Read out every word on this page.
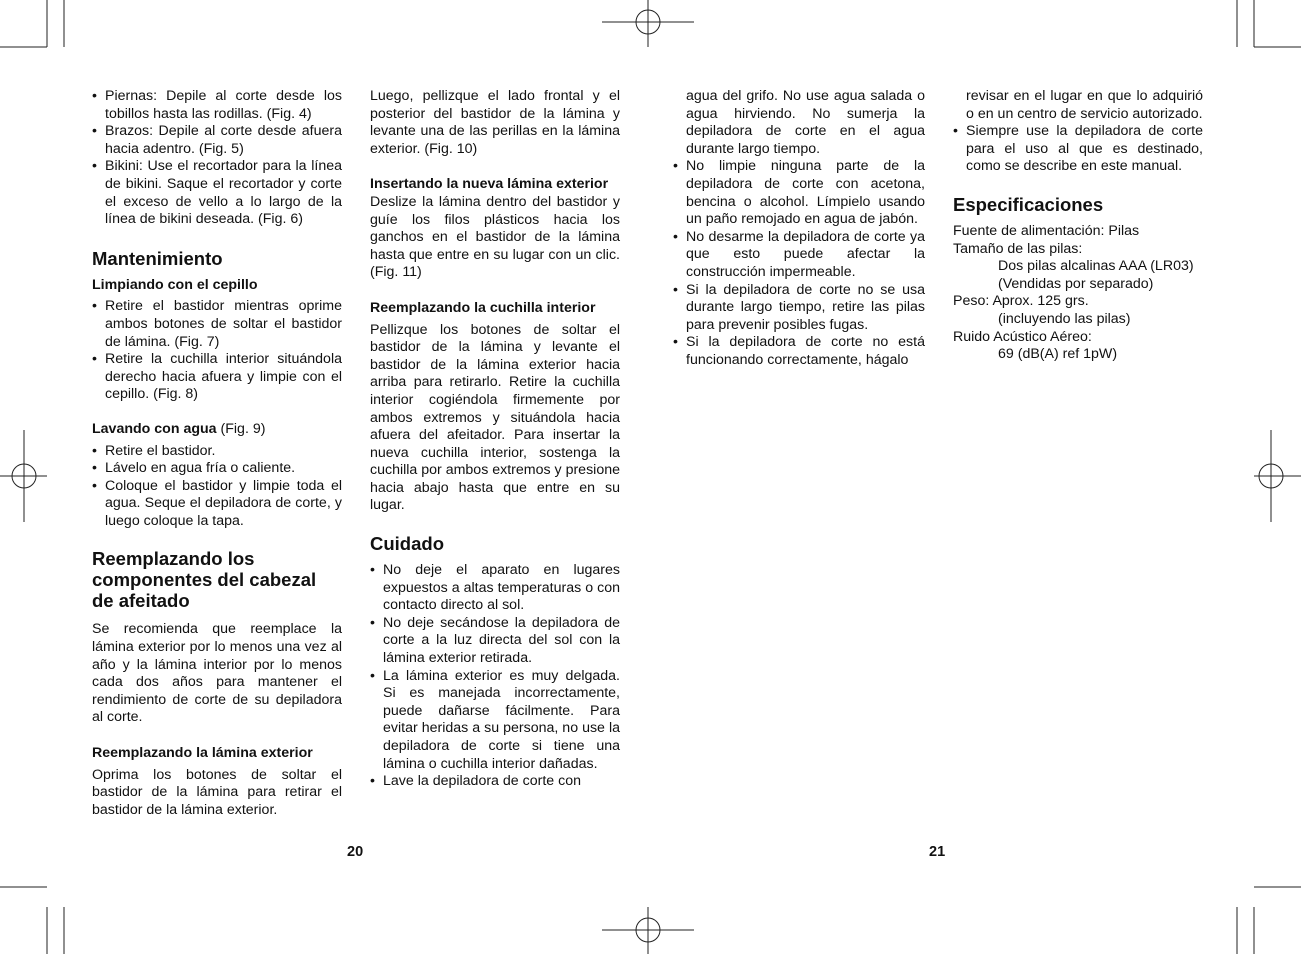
• Piernas: Depile al corte desde los tobillos hasta las rodillas. (Fig. 4)
• Brazos: Depile al corte desde afuera hacia adentro. (Fig. 5)
• Bikini: Use el recortador para la línea de bikini. Saque el recortador y corte el exceso de vello a lo largo de la línea de bikini deseada. (Fig. 6)
Mantenimiento
Limpiando con el cepillo
• Retire el bastidor mientras oprime ambos botones de soltar el bastidor de lámina. (Fig. 7)
• Retire la cuchilla interior situándola derecho hacia afuera y limpie con el cepillo. (Fig. 8)
Lavando con agua (Fig. 9)
• Retire el bastidor.
• Lávelo en agua fría o caliente.
• Coloque el bastidor y limpie toda el agua. Seque el depiladora de corte, y luego coloque la tapa.
Reemplazando los componentes del cabezal de afeitado

Se recomienda que reemplace la lámina exterior por lo menos una vez al año y la lámina interior por lo menos cada dos años para mantener el rendimiento de corte de su depiladora al corte.

Reemplazando la lámina exterior

Oprima los botones de soltar el bastidor de la lámina para retirar el bastidor de la lámina exterior.

Luego, pellizque el lado frontal y el posterior del bastidor de la lámina y levante una de las perillas en la lámina exterior. (Fig. 10)

Insertando la nueva lámina exterior

Deslize la lámina dentro del bastidor y guíe los filos plásticos hacia los ganchos en el bastidor de la lámina hasta que entre en su lugar con un clic. (Fig. 11)

Reemplazando la cuchilla interior

Pellizque los botones de soltar el bastidor de la lámina y levante el bastidor de la lámina exterior hacia arriba para retirarlo. Retire la cuchilla interior cogiéndola firmemente por ambos extremos y situándola hacia afuera del afeitador. Para insertar la nueva cuchilla interior, sostenga la cuchilla por ambos extremos y presione hacia abajo hasta que entre en su lugar.

Cuidado
• No deje el aparato en lugares expuestos a altas temperaturas o con contacto directo al sol.
• No deje secándose la depiladora de corte a la luz directa del sol con la lámina exterior retirada.
• La lámina exterior es muy delgada. Si es manejada incorrectamente, puede dañarse fácilmente. Para evitar heridas a su persona, no use la depiladora de corte si tiene una lámina o cuchilla interior dañadas.
• Lave la depiladora de corte con
agua del grifo. No use agua salada o agua hirviendo. No sumerja la depiladora de corte en el agua durante largo tiempo.
• No limpie ninguna parte de la depiladora de corte con acetona, bencina o alcohol. Límpielo usando un paño remojado en agua de jabón.
• No desarme la depiladora de corte ya que esto puede afectar la construcción impermeable.
• Si la depiladora de corte no se usa durante largo tiempo, retire las pilas para prevenir posibles fugas.
• Si la depiladora de corte no está funcionando correctamente, hágalo
revisar en el lugar en que lo adquirió o en un centro de servicio autorizado.
• Siempre use la depiladora de corte para el uso al que es destinado, como se describe en este manual.
Especificaciones
Fuente de alimentación: Pilas
Tamaño de las pilas:
Dos pilas alcalinas AAA (LR03)
(Vendidas por separado)
Peso: Aprox. 125 grs.
(incluyendo las pilas)
Ruido Acústico Aéreo:
69 (dB(A) ref 1pW)
20	21
